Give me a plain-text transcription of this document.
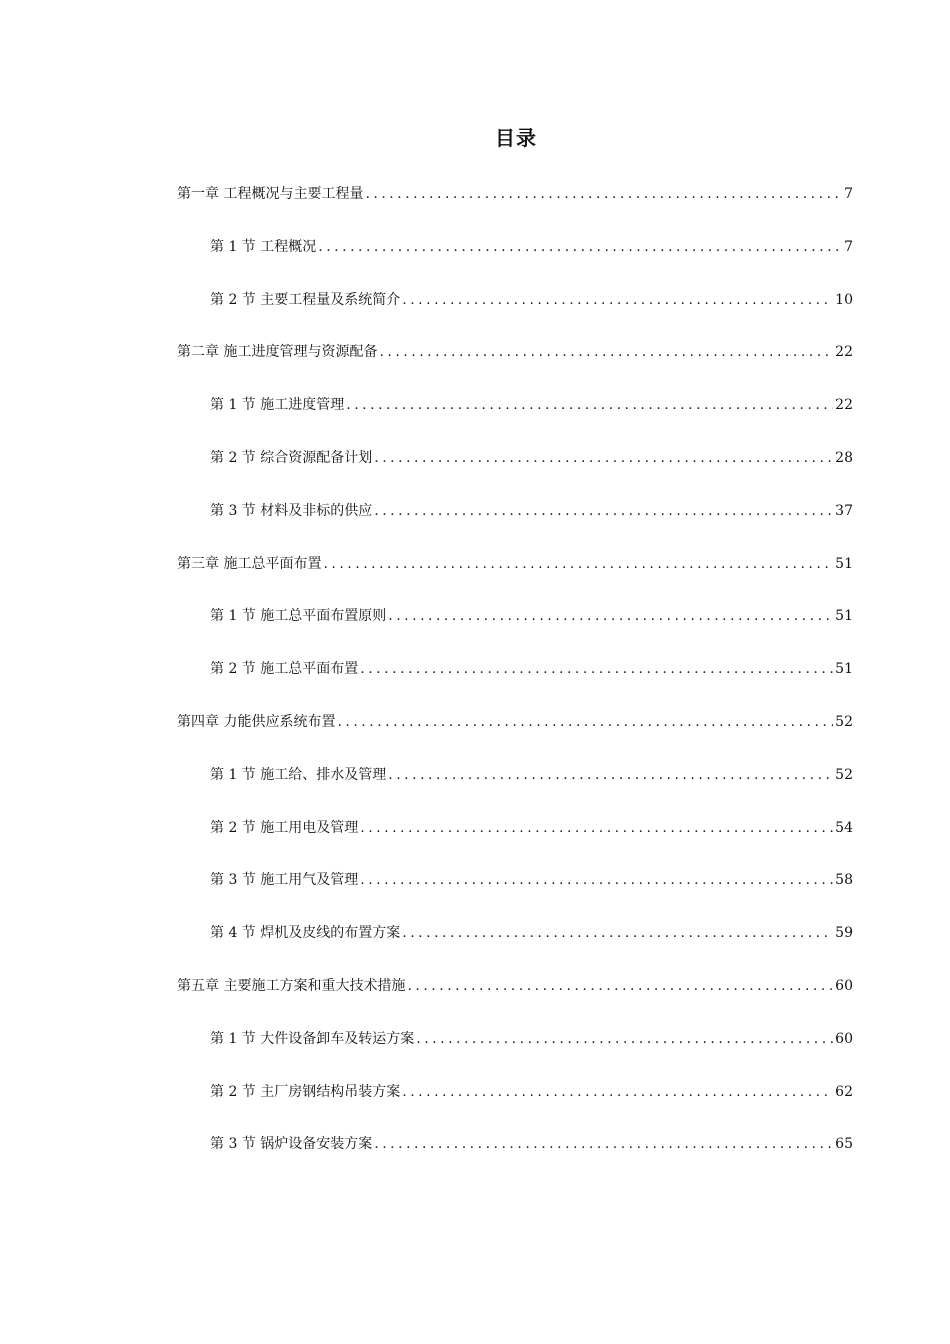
目录
第一章 工程概况与主要工程量 .....	7
第 1 节 工程概况 .....	7
第 2 节 主要工程量及系统简介 .....	10
第二章 施工进度管理与资源配备 .....	22
第 1 节 施工进度管理 .....	22
第 2 节 综合资源配备计划 .....	28
第 3 节 材料及非标的供应 .....	37
第三章 施工总平面布置 .....	51
第 1 节 施工总平面布置原则 .....	51
第 2 节 施工总平面布置 .....	51
第四章 力能供应系统布置 .....	52
第 1 节 施工给、排水及管理 .....	52
第 2 节 施工用电及管理 .....	54
第 3 节 施工用气及管理 .....	58
第 4 节 焊机及皮线的布置方案 .....	59
第五章 主要施工方案和重大技术措施 .....	60
第 1 节 大件设备卸车及转运方案 .....	60
第 2 节 主厂房钢结构吊装方案 .....	62
第 3 节 锅炉设备安装方案 .....	65
